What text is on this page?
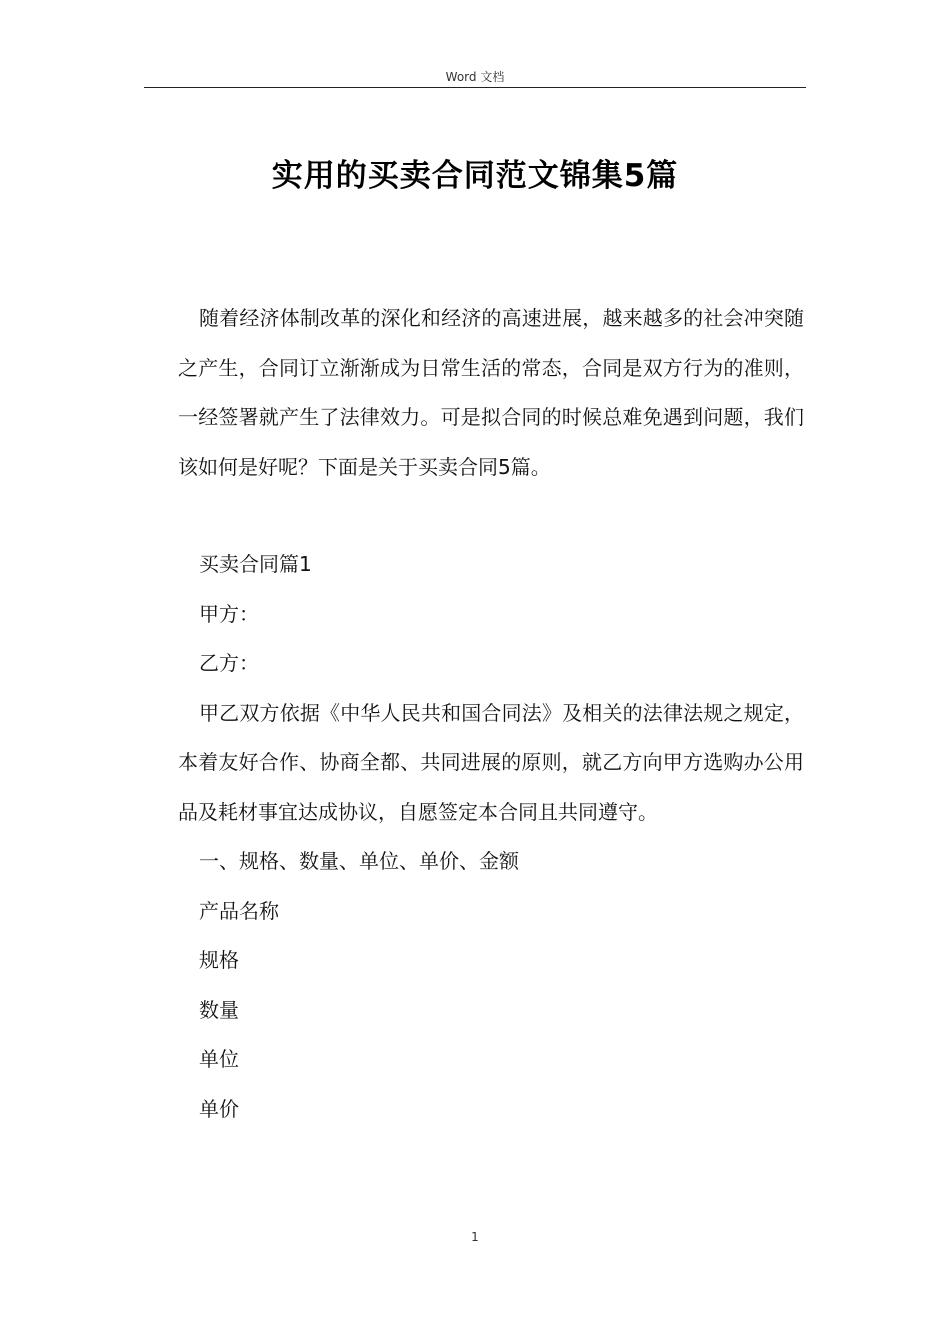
Word 文档
实用的买卖合同范文锦集5篇

随着经济体制改革的深化和经济的高速进展，越来越多的社会冲突随之产生，合同订立渐渐成为日常生活的常态，合同是双方行为的准则，一经签署就产生了法律效力。可是拟合同的时候总难免遇到问题，我们该如何是好呢？下面是关于买卖合同5篇。

买卖合同篇1

甲方：

乙方：

甲乙双方依据《中华人民共和国合同法》及相关的法律法规之规定，本着友好合作、协商全都、共同进展的原则，就乙方向甲方选购办公用品及耗材事宜达成协议，自愿签定本合同且共同遵守。

一、规格、数量、单位、单价、金额

产品名称

规格

数量

单位

单价

1
